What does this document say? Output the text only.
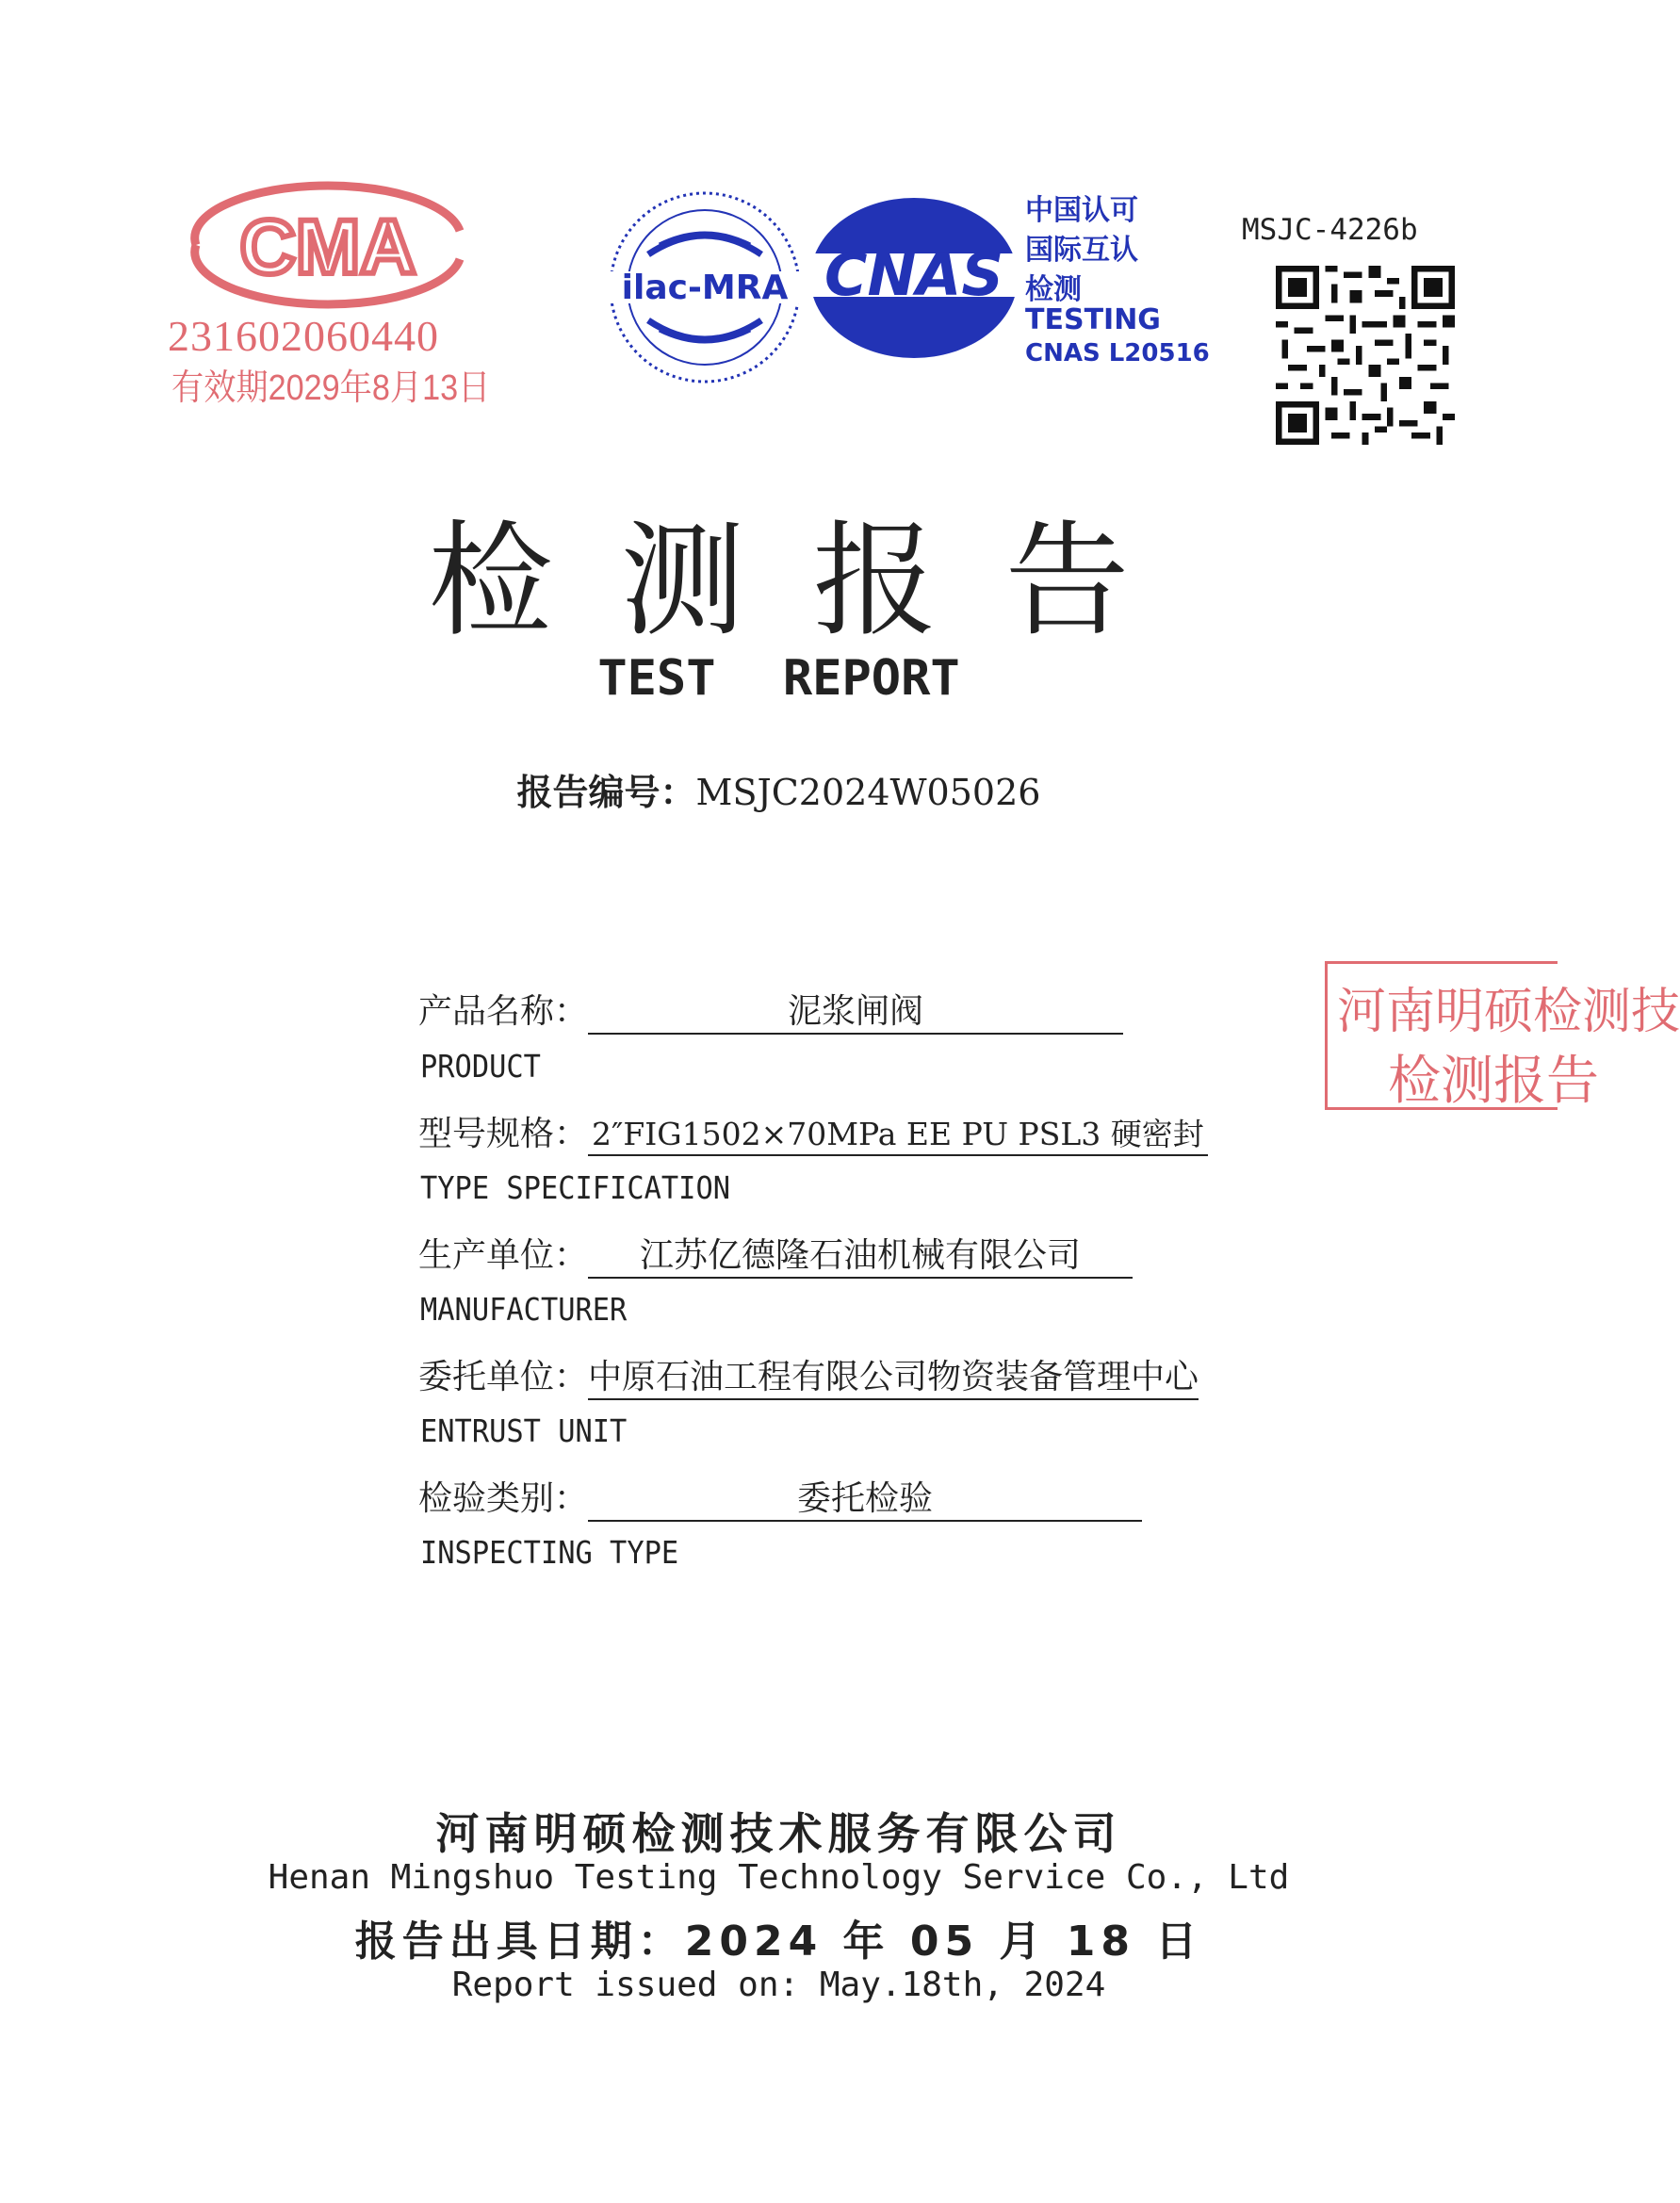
CMA
231602060440
有效期2029年8月13日
ilac-MRA CNAS
中国认可
国际互认
检测
TESTING
CNAS L20516
MSJC-4226b
检测报告
TEST REPORT
报告编号：MSJC2024W05026
产品名称：	泥浆闸阀
PRODUCT
型号规格： 2″FIG1502×70MPa EE PU PSL3 硬密封
TYPE SPECIFICATION
生产单位： 江苏亿德隆石油机械有限公司
MANUFACTURER
委托单位：中原石油工程有限公司物资装备管理中心
ENTRUST UNIT
检验类别：	委托检验
INSPECTING TYPE
河南明硕检测技
检测报告
河南明硕检测技术服务有限公司
Henan Mingshuo Testing Technology Service Co., Ltd
报告出具日期：2024 年 05 月 18 日
Report issued on: May.18th, 2024
